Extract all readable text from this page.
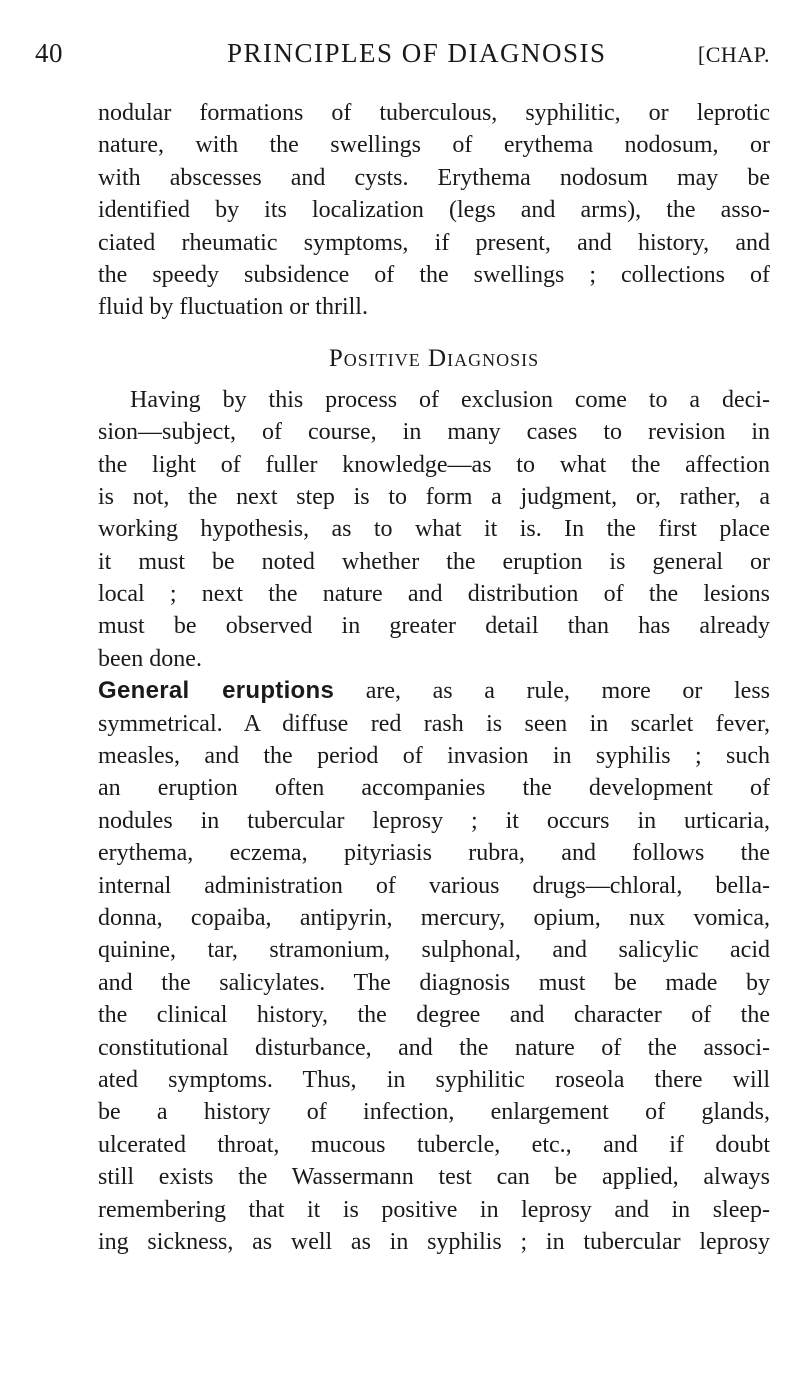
40	PRINCIPLES OF DIAGNOSIS	[CHAP.
nodular formations of tuberculous, syphilitic, or leprotic
nature, with the swellings of erythema nodosum, or
with abscesses and cysts. Erythema nodosum may be
identified by its localization (legs and arms), the asso-
ciated rheumatic symptoms, if present, and history, and
the speedy subsidence of the swellings ; collections of
fluid by fluctuation or thrill.
Positive Diagnosis
Having by this process of exclusion come to a deci-
sion—subject, of course, in many cases to revision in
the light of fuller knowledge—as to what the affection
is not, the next step is to form a judgment, or, rather, a
working hypothesis, as to what it is. In the first place
it must be noted whether the eruption is general or
local ; next the nature and distribution of the lesions
must be observed in greater detail than has already
been done.
General eruptions are, as a rule, more or less
symmetrical. A diffuse red rash is seen in scarlet fever,
measles, and the period of invasion in syphilis ; such
an eruption often accompanies the development of
nodules in tubercular leprosy ; it occurs in urticaria,
erythema, eczema, pityriasis rubra, and follows the
internal administration of various drugs—chloral, bella-
donna, copaiba, antipyrin, mercury, opium, nux vomica,
quinine, tar, stramonium, sulphonal, and salicylic acid
and the salicylates. The diagnosis must be made by
the clinical history, the degree and character of the
constitutional disturbance, and the nature of the associ-
ated symptoms. Thus, in syphilitic roseola there will
be a history of infection, enlargement of glands,
ulcerated throat, mucous tubercle, etc., and if doubt
still exists the Wassermann test can be applied, always
remembering that it is positive in leprosy and in sleep-
ing sickness, as well as in syphilis ; in tubercular leprosy
